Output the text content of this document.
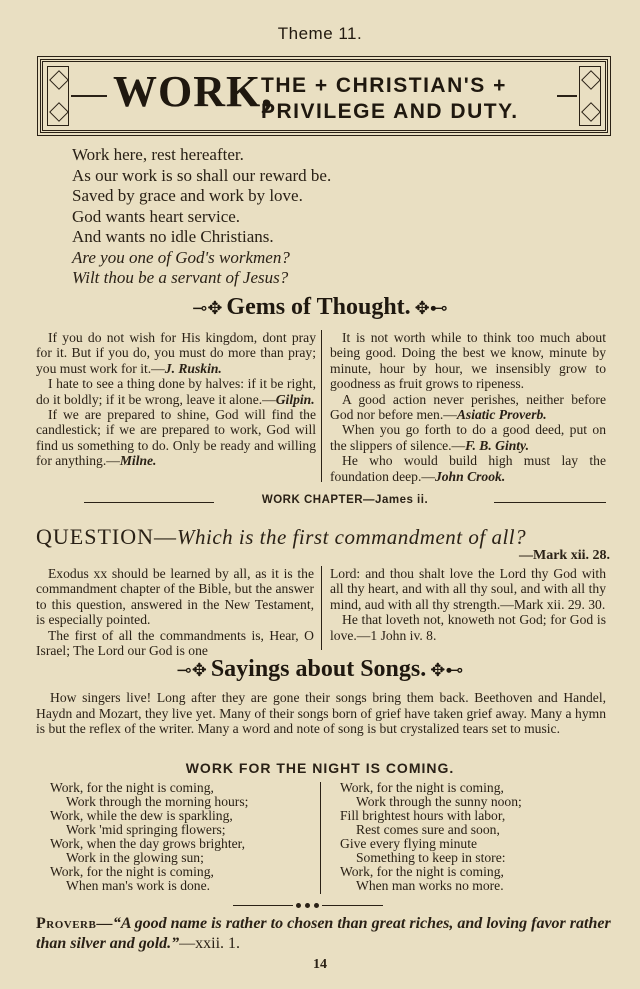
Theme 11.
WORK,
THE + CHRISTIAN'S +
PRIVILEGE AND DUTY.
Work here, rest hereafter.
As our work is so shall our reward be.
Saved by grace and work by love.
God wants heart service.
And wants no idle Christians.
Are you one of God's workmen?
Wilt thou be a servant of Jesus?
⊸✥ Gems of Thought. ✥⊷

If you do not wish for His kingdom, dont pray for it. But if you do, you must do more than pray; you must work for it.—J. Ruskin.

I hate to see a thing done by halves: if it be right, do it boldly; if it be wrong, leave it alone.—Gilpin.

If we are prepared to shine, God will find the candlestick; if we are prepared to work, God will find us something to do. Only be ready and willing for anything.—Milne.

It is not worth while to think too much about being good. Doing the best we know, minute by minute, hour by hour, we insensibly grow to goodness as fruit grows to ripeness.

A good action never perishes, neither before God nor before men.—Asiatic Proverb.

When you go forth to do a good deed, put on the slippers of silence.—F. B. Ginty.

He who would build high must lay the foundation deep.—John Crook.

WORK CHAPTER—James ii.
QUESTION—Which is the first commandment of all?
—Mark xii. 28.

Exodus xx should be learned by all, as it is the commandment chapter of the Bible, but the answer to this question, answered in the New Testament, is especially pointed.

The first of all the commandments is, Hear, O Israel; The Lord our God is one

Lord: and thou shalt love the Lord thy God with all thy heart, and with all thy soul, and with all thy mind, aud with all thy strength.—Mark xii. 29. 30.

He that loveth not, knoweth not God; for God is love.—1 John iv. 8.

⊸✥ Sayings about Songs. ✥⊷
How singers live! Long after they are gone their songs bring them back. Beethoven and Handel, Haydn and Mozart, they live yet. Many of their songs born of grief have taken grief away. Many a hymn is but the reflex of the writer. Many a word and note of song is but crystalized tears set to music.
WORK FOR THE NIGHT IS COMING.
Work, for the night is coming,
Work through the morning hours;
Work, while the dew is sparkling,
Work 'mid springing flowers;
Work, when the day grows brighter,
Work in the glowing sun;
Work, for the night is coming,
When man's work is done.
Work, for the night is coming,
Work through the sunny noon;
Fill brightest hours with labor,
Rest comes sure and soon,
Give every flying minute
Something to keep in store:
Work, for the night is coming,
When man works no more.
Proverb—“A good name is rather to chosen than great riches, and loving favor rather than silver and gold.”—xxii. 1.
14
